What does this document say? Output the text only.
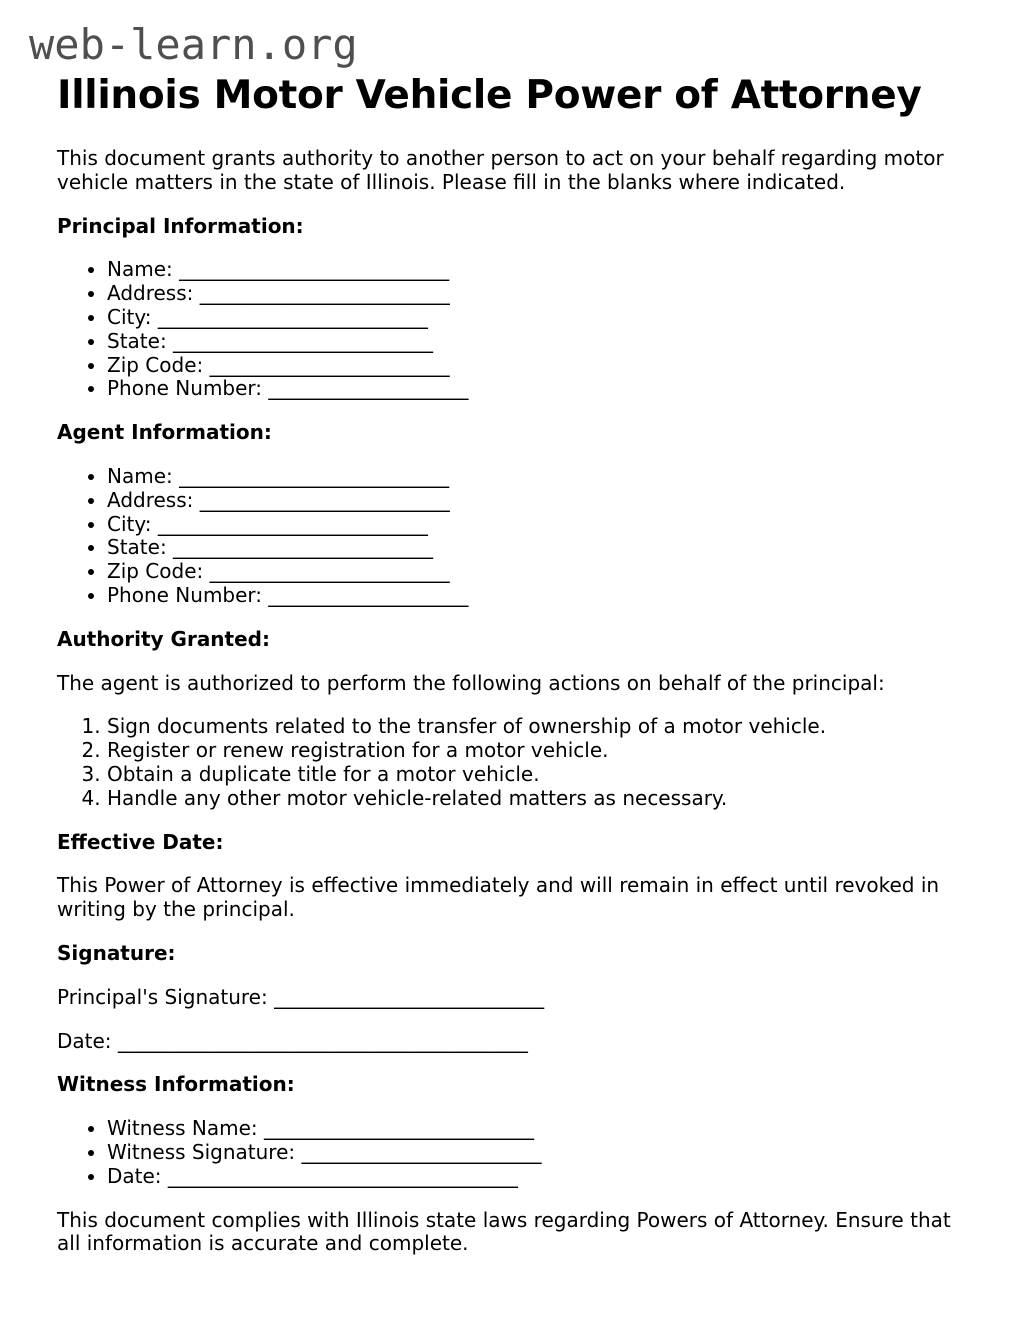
web-learn.org
Illinois Motor Vehicle Power of Attorney

This document grants authority to another person to act on your behalf regarding motor vehicle matters in the state of Illinois. Please fill in the blanks where indicated.

Principal Information:
• Name: ___________________________
• Address: _________________________
• City: ___________________________
• State: __________________________
• Zip Code: ________________________
• Phone Number: ____________________
Agent Information:
• Name: ___________________________
• Address: _________________________
• City: ___________________________
• State: __________________________
• Zip Code: ________________________
• Phone Number: ____________________
Authority Granted:

The agent is authorized to perform the following actions on behalf of the principal:

1. Sign documents related to the transfer of ownership of a motor vehicle.
2. Register or renew registration for a motor vehicle.
3. Obtain a duplicate title for a motor vehicle.
4. Handle any other motor vehicle-related matters as necessary.
Effective Date:

This Power of Attorney is effective immediately and will remain in effect until revoked in writing by the principal.

Signature:

Principal's Signature: ___________________________

Date: _________________________________________

Witness Information:
• Witness Name: ___________________________
• Witness Signature: ________________________
• Date: ___________________________________

This document complies with Illinois state laws regarding Powers of Attorney. Ensure that all information is accurate and complete.
